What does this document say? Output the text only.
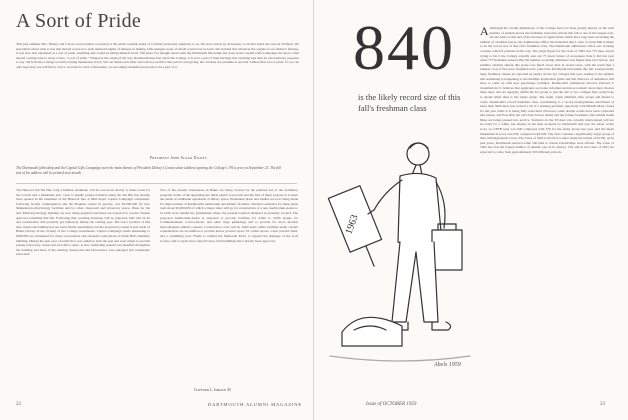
A Sort of Pride
This past summer Mrs. Dickey and I drove several times in passing at the small roadside stand of a farmer previously unknown to us. We were struck by an honesty to all that stand out even in Vermont. We speculated about what it was that moved a person to such unusual lengths of fairness in dealing with strangers none of whom would ever be back. We decided that whatever the origins of our farmer's fairness, it was now best explained as a sort of pride. Anything else would be letting himself down. The more I've thought about what the Dartmouth fellowship has done in the Capital Gifts Campaign, the more I find myself coming back to those words, "a sort of pride." Wherever the origin of the way Dartmouth men feel about the College, it is now a part of their heritage that anything less than an extraordinary response to any call from the College would be letting themselves down. We can thank each other and will not sacrifice that service and giving, but can thus not presume to see that without that sort of pride. So we can only hope that you will find a way to account for such a fellowship: we are simply thankful and proud to be a part of it.
President John Sloan Dickey
The Dartmouth fellowship and the Capital Gifts Campaign were the main themes of President Dickey's Convocation address opening the College's 191st year on September 23. The full text of his address will be printed next month.
The Hanover Inn Ski Hut, long a familiar landmark, will be torn down shortly to make room for the Lowell and a handsome new room to handle groups formerly using the Ski Hut has already been opened in the basement of the Hanover Inn. A third major Capital Campaign component, following faculty compensation and the Hopkins Center in priority, was $2,000,000 for new Mathematics-Psychology facilities and for other classroom and laboratory space. Plans for the new Math-Psychology building are now being prepared and these are expected to receive Trustee approval sometime this fall. Following this, working drawings will be prepared, bids will be let and construction will probably get underway during the coming year. The exact location of this new classroom building has not been finally determined, but the projected location is just north of Baker Library in the vicinity of the College Greenhouse. Capital Campaign funds amounting to $500,000 are earmarked for major renovations and extensive renovations in Stelk Hall chemistry building. During the past year a fourth floor was added to both the east and west wings to provide greater laboratory, classroom and office space. A new ventilating system was installed throughout the building and most of the existing classrooms and laboratories were enlarged and completely renovated.
Two of the present storehouses in Baker are being vacated by the planned use of the dormitory program. Some of the upgrading the funds expect to provide and the first of these projects is to meet the needs of additional expansion of library space. Permanent plans and studies are now being made for improvement of Dartmouth's auditorium and athletic facilities. Tentative estimates for these plans total about $3,000,000 of which a major share will go for construction of a new Auditorium-Arena to be built close behind the gymnasium where the present baseball diamond is presently located. The proposed Auditorium-Arena is expected to provide facilities for 4,500 to 5,000 people for Commencement, Convocations, and other large gatherings and to provide for more modern intercollegiate athletic contests. Construction costs will be 3,000 seats. Other facilities under current consideration are an addition to provide indoor practice space for winter sports, a new practice field, and a swimming pool. Funds to rebuild the Memorial Field, to expand the drainage of the Golf Course, and to repair the Ledyard Canoe Club buildings have already been approved.
Clifford L. Jordan '45
22	DARTMOUTH ALUMNI MAGAZINE
840
is the likely record size of this fall's freshman class
A Although the overall dimensions of the College have not been greatly altered, in the total number of student places the freshman class that arrived this fall is one of the largest ever. On the basis of this and of the increase of applications which have long been exceeding the number of available places, the Admissions Office has indicated that a class of about 840 is likely to be the record size of this fall's freshman class. The Dartmouth admissions office was working on plans which it planned in this way. The target figure for the Class of 1963 was 775 men, and in trying to hit it the College actually sent out 75 fewer letters of acceptance than it did last year when 775 freshmen entered. But the number accepting admission was higher than ever before, and summer attrition among this group was much lower than in recent years, with the result that a bumper crop of first-year freshmen have joined the Dartmouth fellowship this fall. Unexpectedly large freshman classes are reported by nearly all the Ivy colleges this year, leading to the surmise that something is happening to the multiple application game and that directors of admission will have to come up with new percentage formulas. Dartmouth's admissions director, Edward T. Chamberlain Jr. believes that applicants are better informed and more realistic about their choices these days, and are applying within the Ivy group to just the one or two colleges they really hope to attend rather than to the whole group. The result, when admitted, they accept and intend to come. Dartmouth's record freshman class, contributing to a record undergraduate enrollment of more than 3000 men, has created a bit of a housing problem, especially with Middle Mass closed for the year while it is being fully renovated. However, some double rooms have been converted into triples, and East Hall (an old Clark School dorm) and the former Graduate Club behind South Mass are being pressed into service. Statistics on the '63 men who actually matriculated will not be ready for a while, but among all the men accepted by Dartmouth this year the mean verbal score on CEEB tests was 626 compared with 376 for the entire group last year, and the mean mathematical score was 630, compared with 626. The class contains a significantly larger group of men with high merit scores. The Class of 1963 is the first to enter under the tuition of $1350. As in past years, Dartmouth selected some 160 men to whom scholarships were offered. The Class of 1963 also has the largest number of alumni sons in its history. The aim in the Class of 1963 are expected to come from approximately 500 different schools.
1963
Abels 1959
Issue of OCTOBER 1959	23
